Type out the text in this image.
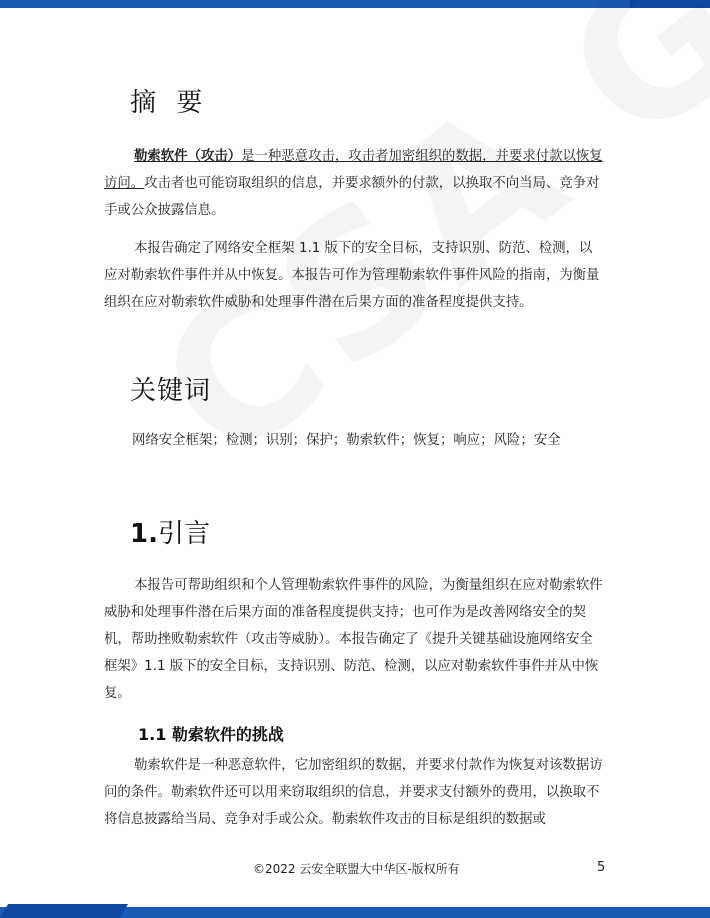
摘 要

勒索软件（攻击）是一种恶意攻击，攻击者加密组织的数据，并要求付款以恢复访问。攻击者也可能窃取组织的信息，并要求额外的付款，以换取不向当局、竞争对手或公众披露信息。

本报告确定了网络安全框架 1.1 版下的安全目标，支持识别、防范、检测，以应对勒索软件事件并从中恢复。本报告可作为管理勒索软件事件风险的指南，为衡量组织在应对勒索软件威胁和处理事件潜在后果方面的准备程度提供支持。

关键词

网络安全框架；检测；识别；保护；勒索软件；恢复；响应；风险；安全

1.引言

本报告可帮助组织和个人管理勒索软件事件的风险，为衡量组织在应对勒索软件威胁和处理事件潜在后果方面的准备程度提供支持；也可作为是改善网络安全的契机，帮助挫败勒索软件（攻击等威胁）。本报告确定了《提升关键基础设施网络安全框架》1.1 版下的安全目标，支持识别、防范、检测，以应对勒索软件事件并从中恢复。

1.1 勒索软件的挑战

勒索软件是一种恶意软件，它加密组织的数据，并要求付款作为恢复对该数据访问的条件。勒索软件还可以用来窃取组织的信息，并要求支付额外的费用，以换取不将信息披露给当局、竞争对手或公众。勒索软件攻击的目标是组织的数据或

©2022 云安全联盟大中华区-版权所有	5
